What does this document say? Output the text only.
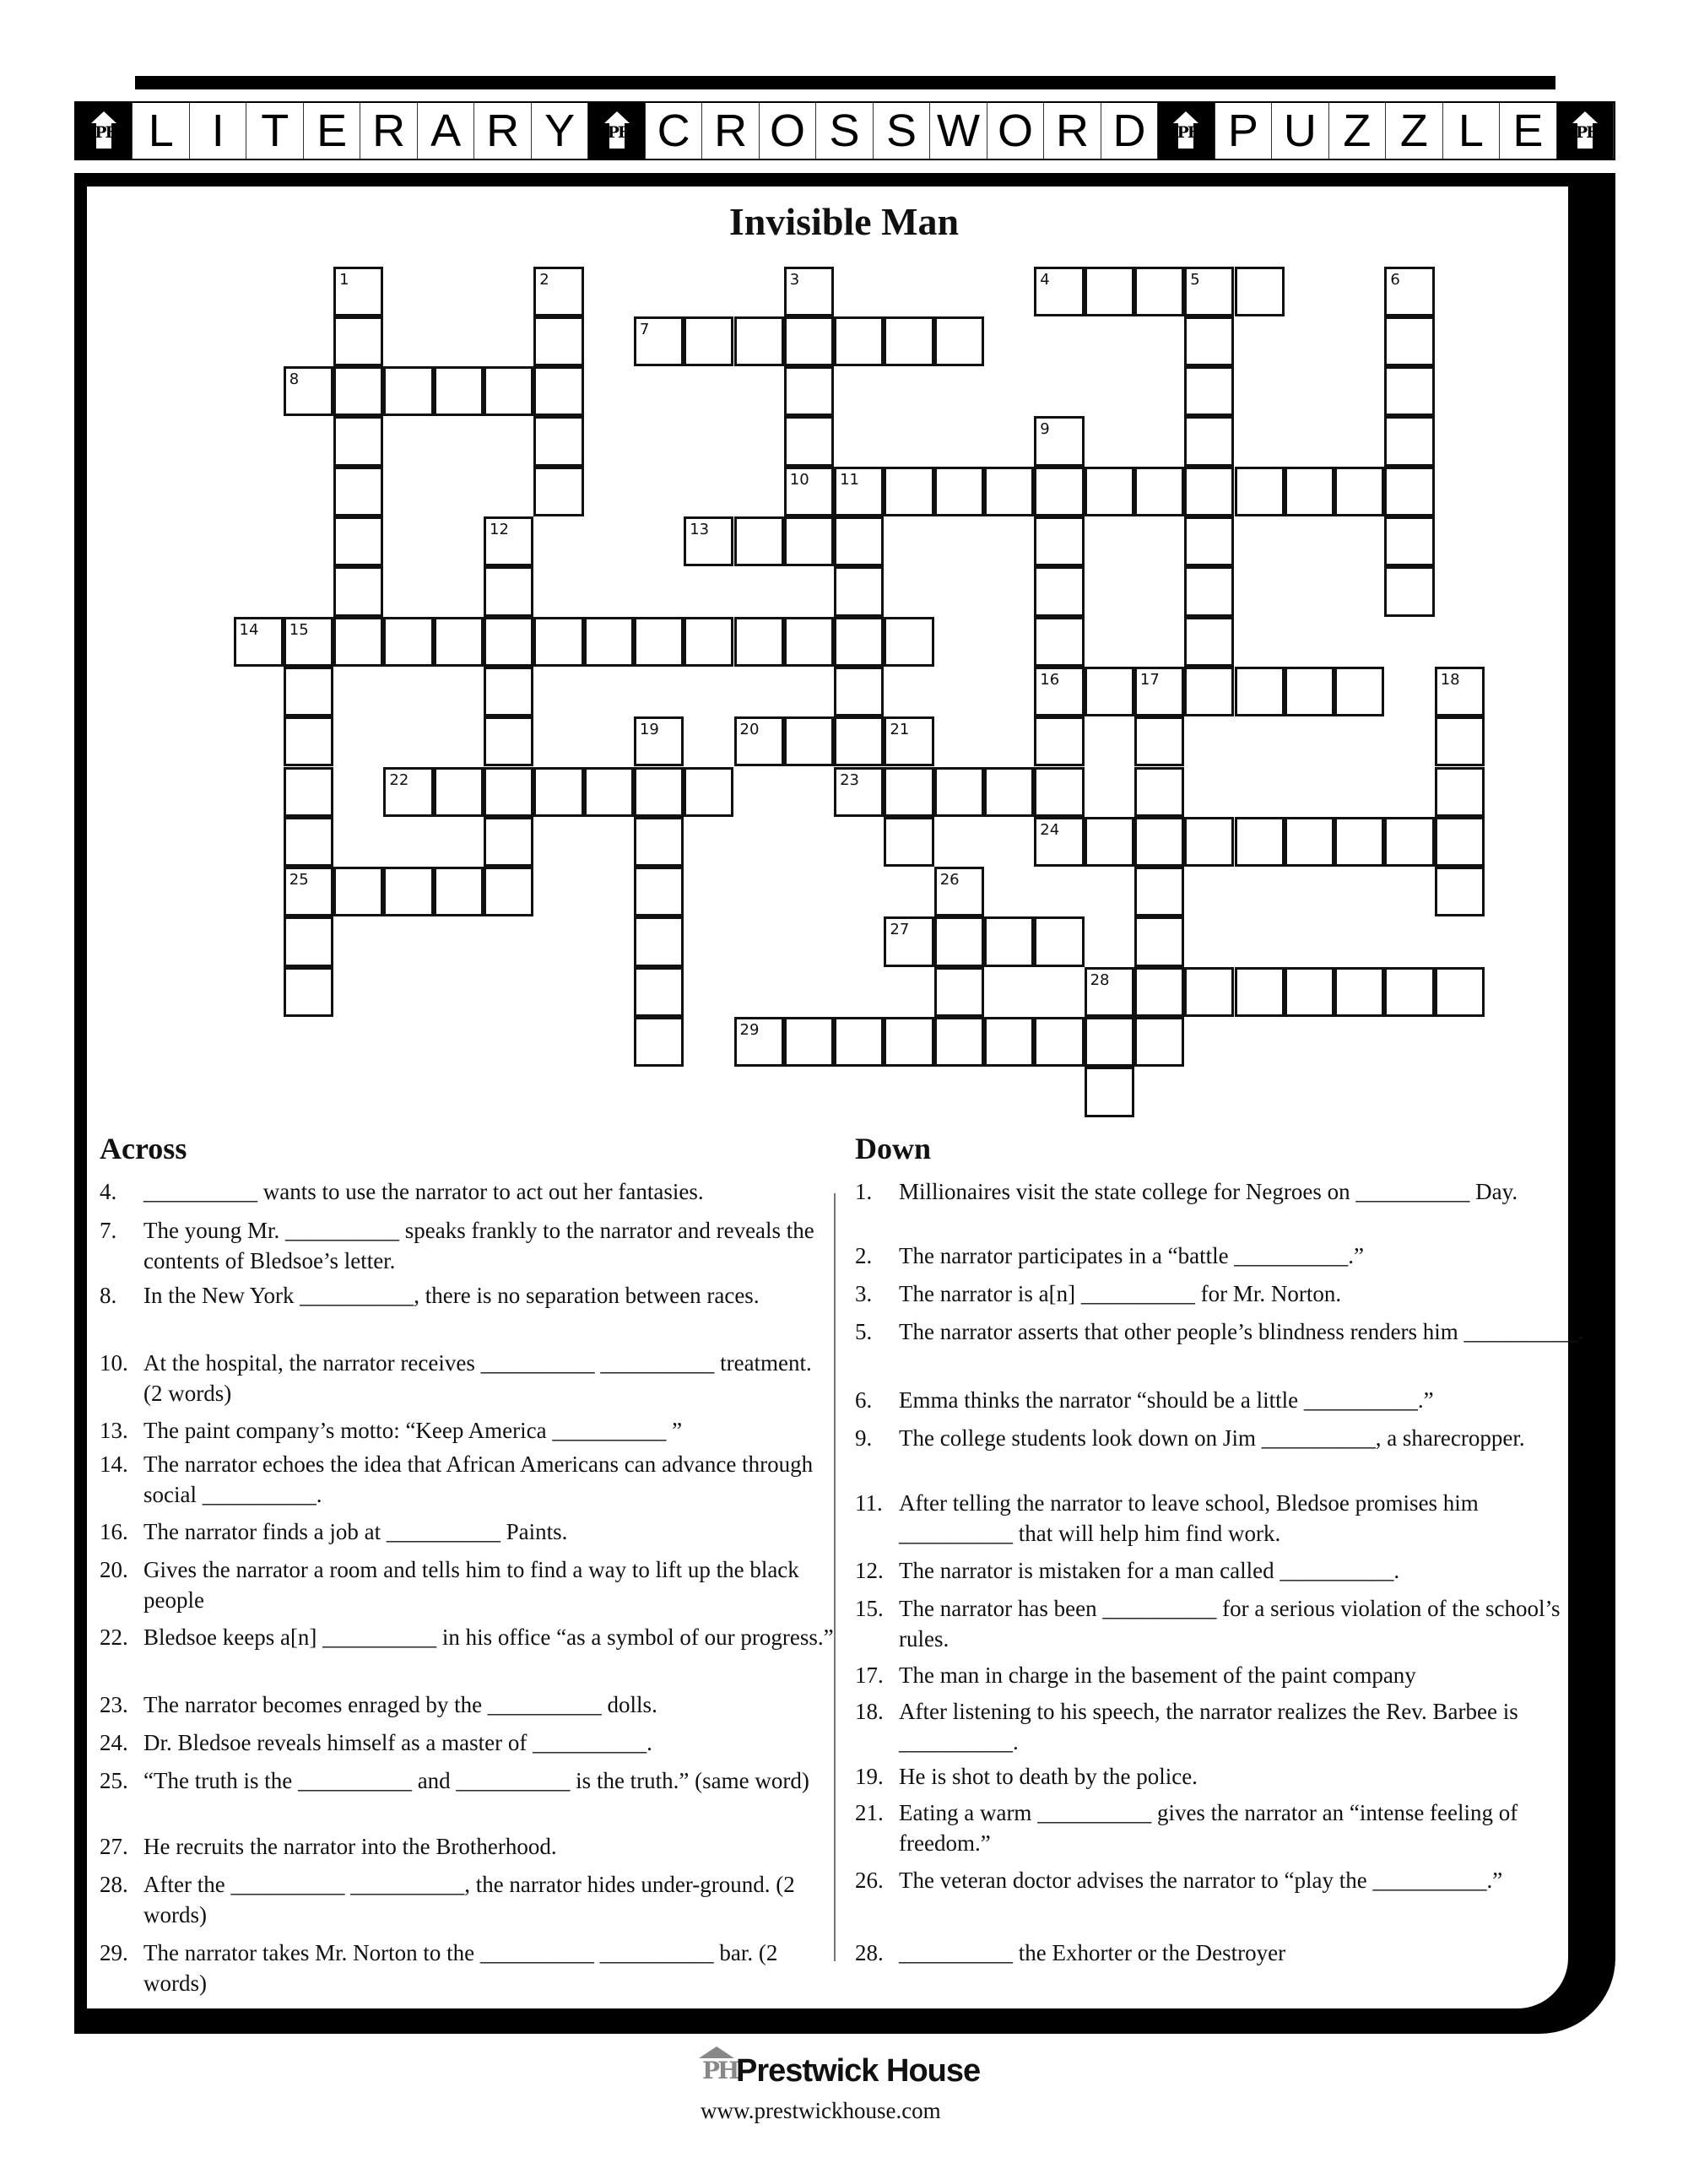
PH L I T E R A R Y	PH C R O S S W O R D	PH P U Z Z L E	PH
Invisible Man
1	2	3	4	5	6
7
8
9
10 11
12	13
14 15
16	17	18
19	20	21
22	23
24
25	26
27
28
29
Across
4. __________ wants to use the narrator to act out her fantasies.
7. The young Mr. __________ speaks frankly to the narrator and reveals the contents of Bledsoe’s letter.
8. In the New York __________, there is no separation between races.
10. At the hospital, the narrator receives __________ __________ treatment. (2 words)
13. The paint company’s motto: “Keep America __________ ”
14. The narrator echoes the idea that African Americans can advance through social __________.
16. The narrator finds a job at __________ Paints.
20. Gives the narrator a room and tells him to find a way to lift up the black people
22. Bledsoe keeps a[n] __________ in his office “as a symbol of our progress.”
23. The narrator becomes enraged by the __________ dolls.
24. Dr. Bledsoe reveals himself as a master of __________.
25. “The truth is the __________ and __________ is the truth.” (same word)
27. He recruits the narrator into the Brotherhood.
28. After the __________ __________, the narrator hides under-ground. (2 words)
29. The narrator takes Mr. Norton to the __________ __________ bar. (2 words)
Down
1. Millionaires visit the state college for Negroes on __________ Day.
2. The narrator participates in a “battle __________.”
3. The narrator is a[n] __________ for Mr. Norton.
5. The narrator asserts that other people’s blindness renders him __________.
6. Emma thinks the narrator “should be a little __________.”
9. The college students look down on Jim __________, a sharecropper.
11. After telling the narrator to leave school, Bledsoe promises him __________ that will help him find work.
12. The narrator is mistaken for a man called __________.
15. The narrator has been __________ for a serious violation of the school’s rules.
17. The man in charge in the basement of the paint company
18. After listening to his speech, the narrator realizes the Rev. Barbee is __________.
19. He is shot to death by the police.
21. Eating a warm __________ gives the narrator an “intense feeling of freedom.”
26. The veteran doctor advises the narrator to “play the __________.”
28. __________ the Exhorter or the Destroyer
PH
Prestwick House
www.prestwickhouse.com
